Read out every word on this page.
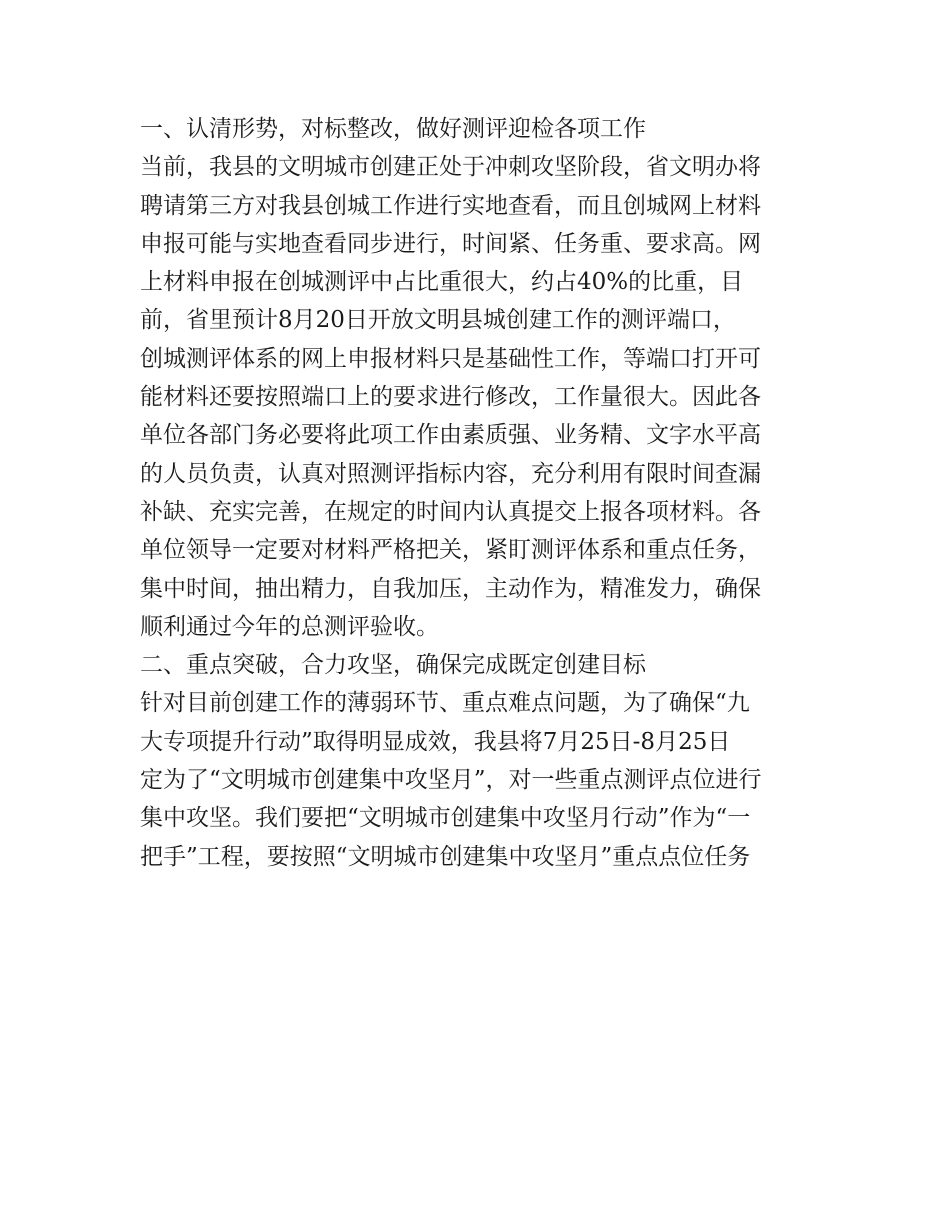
一、认清形势，对标整改，做好测评迎检各项工作
当前，我县的文明城市创建正处于冲刺攻坚阶段，省文明办将
聘请第三方对我县创城工作进行实地查看，而且创城网上材料
申报可能与实地查看同步进行，时间紧、任务重、要求高。网
上材料申报在创城测评中占比重很大，约占40%的比重，目
前，省里预计8月20日开放文明县城创建工作的测评端口，
创城测评体系的网上申报材料只是基础性工作，等端口打开可
能材料还要按照端口上的要求进行修改，工作量很大。因此各
单位各部门务必要将此项工作由素质强、业务精、文字水平高
的人员负责，认真对照测评指标内容，充分利用有限时间查漏
补缺、充实完善，在规定的时间内认真提交上报各项材料。各
单位领导一定要对材料严格把关，紧盯测评体系和重点任务，
集中时间，抽出精力，自我加压，主动作为，精准发力，确保
顺利通过今年的总测评验收。
二、重点突破，合力攻坚，确保完成既定创建目标
针对目前创建工作的薄弱环节、重点难点问题，为了确保“九
大专项提升行动”取得明显成效，我县将7月25日-8月25日
定为了“文明城市创建集中攻坚月”，对一些重点测评点位进行
集中攻坚。我们要把“文明城市创建集中攻坚月行动”作为“一
把手”工程，要按照“文明城市创建集中攻坚月”重点点位任务
